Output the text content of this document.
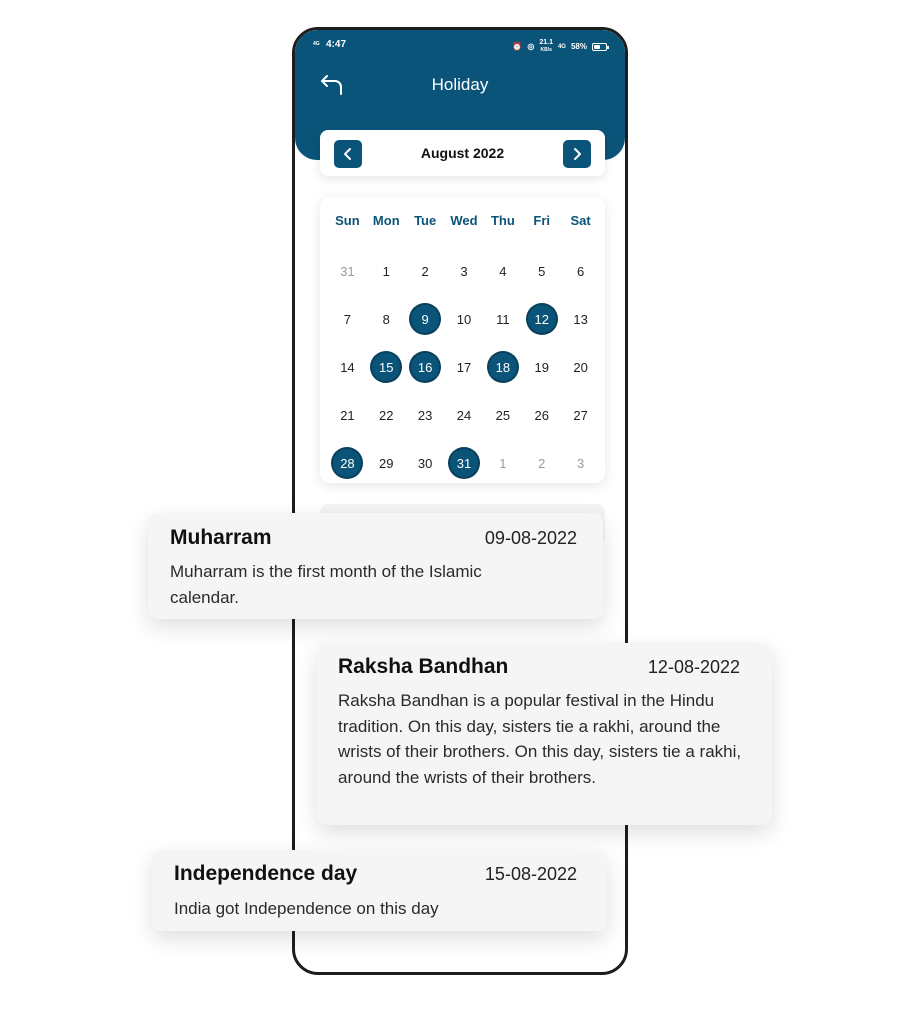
4G 4:47	⏰ ◎ 21.1
KB/s
4G 58%
Holiday
August 2022
Sun	Mon	Tue	Wed	Thu	Fri	Sat
31	1	2	3	4	5	6
7	8	9	10	11	12	13
14	15	16	17	18	19	20
21	22	23	24	25	26	27
28	29	30	31	1	2	3
Muharram	09-08-2022
Muharram is the first month of the Islamic calendar.
Raksha Bandhan	12-08-2022
Raksha Bandhan is a popular festival in the Hindu tradition. On this day, sisters tie a rakhi, around the wrists of their brothers. On this day, sisters tie a rakhi, around the wrists of their brothers.
Independence day	15-08-2022
India got Independence on this day
